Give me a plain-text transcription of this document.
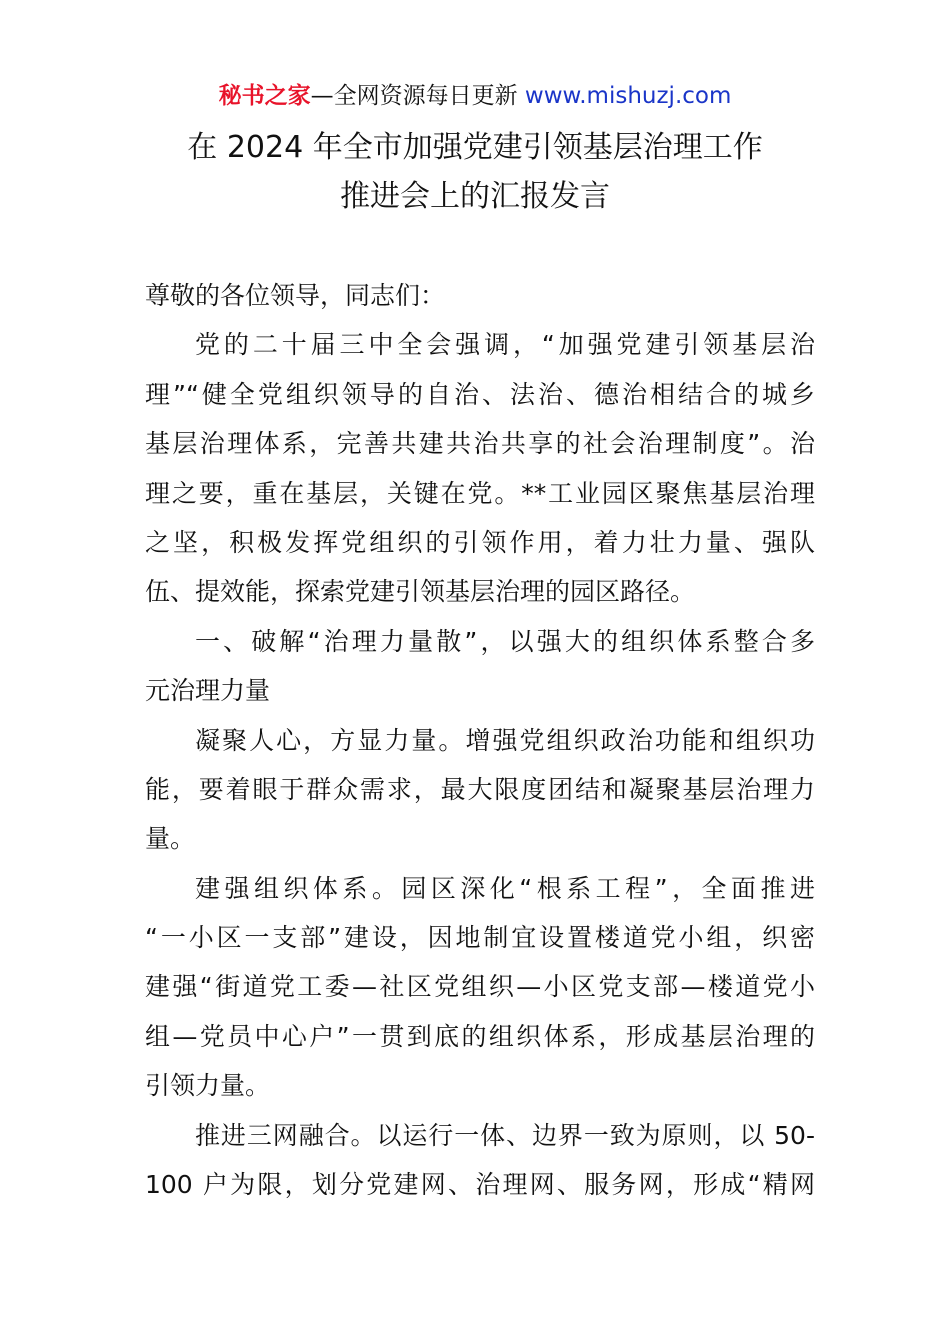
秘书之家—全网资源每日更新 www.mishuzj.com
在 2024 年全市加强党建引领基层治理工作
推进会上的汇报发言
尊敬的各位领导，同志们：
党的二十届三中全会强调，“加强党建引领基层治
理”“健全党组织领导的自治、法治、德治相结合的城乡
基层治理体系，完善共建共治共享的社会治理制度”。治
理之要，重在基层，关键在党。**工业园区聚焦基层治理
之坚，积极发挥党组织的引领作用，着力壮力量、强队
伍、提效能，探索党建引领基层治理的园区路径。
一、破解“治理力量散”，以强大的组织体系整合多
元治理力量
凝聚人心，方显力量。增强党组织政治功能和组织功
能，要着眼于群众需求，最大限度团结和凝聚基层治理力
量。
建强组织体系。园区深化“根系工程”，全面推进
“一小区一支部”建设，因地制宜设置楼道党小组，织密
建强“街道党工委—社区党组织—小区党支部—楼道党小
组—党员中心户”一贯到底的组织体系，形成基层治理的
引领力量。
推进三网融合。以运行一体、边界一致为原则，以 50-
100 户为限，划分党建网、治理网、服务网，形成“精网
